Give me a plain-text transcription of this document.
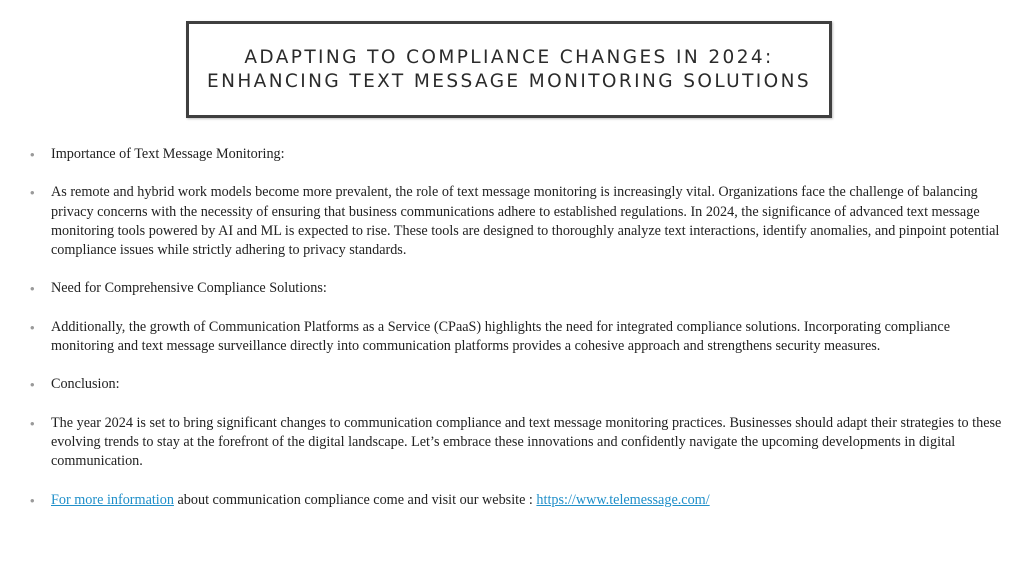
ADAPTING TO COMPLIANCE CHANGES IN 2024: ENHANCING TEXT MESSAGE MONITORING SOLUTIONS
• Importance of Text Message Monitoring:
• As remote and hybrid work models become more prevalent, the role of text message monitoring is increasingly vital. Organizations face the challenge of balancing privacy concerns with the necessity of ensuring that business communications adhere to established regulations. In 2024, the significance of advanced text message monitoring tools powered by AI and ML is expected to rise. These tools are designed to thoroughly analyze text interactions, identify anomalies, and pinpoint potential compliance issues while strictly adhering to privacy standards.
• Need for Comprehensive Compliance Solutions:
• Additionally, the growth of Communication Platforms as a Service (CPaaS) highlights the need for integrated compliance solutions. Incorporating compliance monitoring and text message surveillance directly into communication platforms provides a cohesive approach and strengthens security measures.
• Conclusion:
• The year 2024 is set to bring significant changes to communication compliance and text message monitoring practices. Businesses should adapt their strategies to these evolving trends to stay at the forefront of the digital landscape. Let’s embrace these innovations and confidently navigate the upcoming developments in digital communication.
• For more information about communication compliance come and visit our website : https://www.telemessage.com/
